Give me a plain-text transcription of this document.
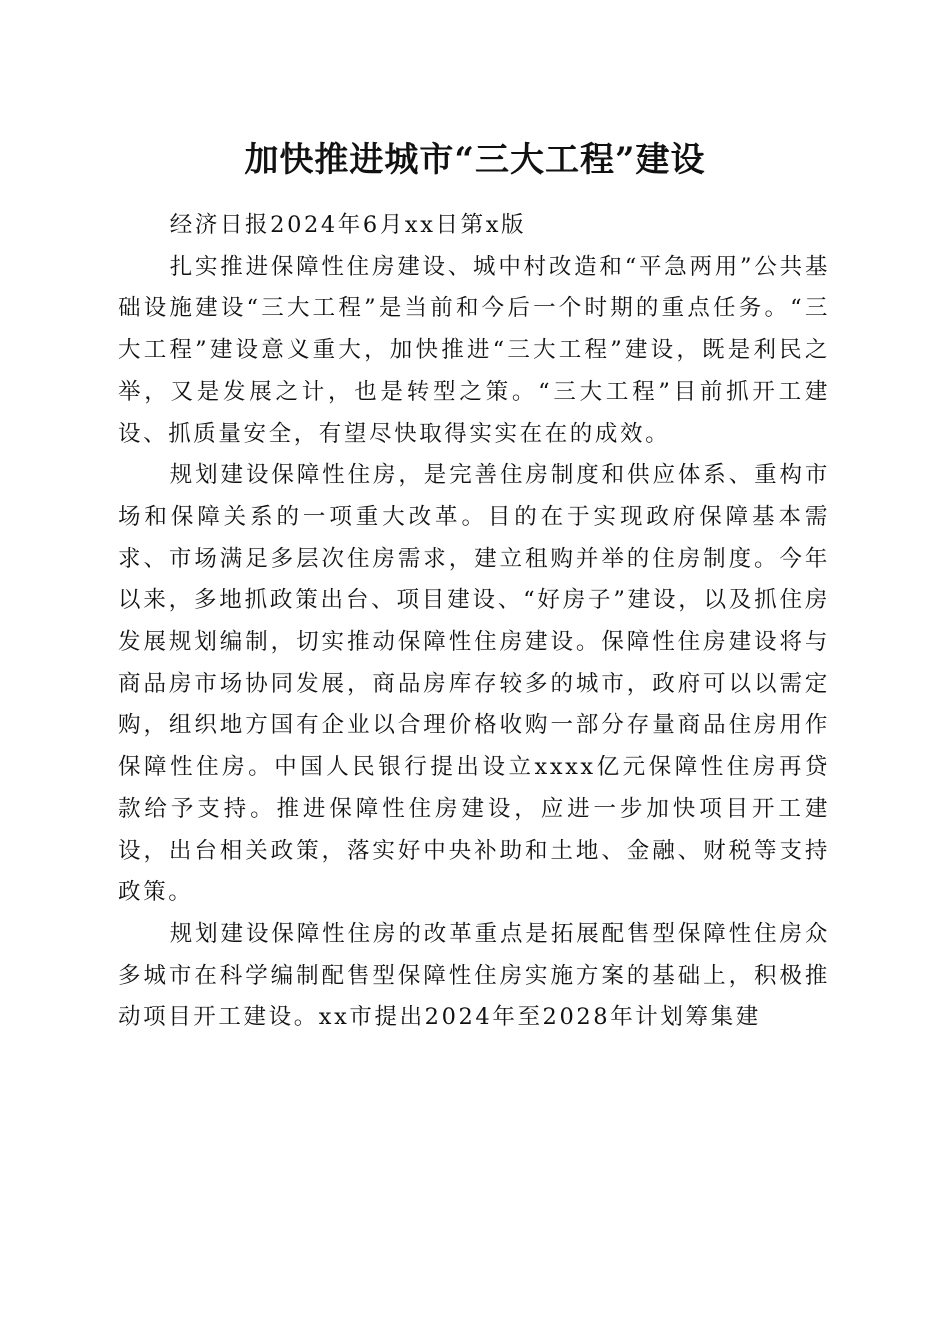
加快推进城市“三大工程”建设

经济日报2024年6月xx日第x版

扎实推进保障性住房建设、城中村改造和“平急两用”公共基础设施建设“三大工程”是当前和今后一个时期的重点任务。“三大工程”建设意义重大，加快推进“三大工程”建设，既是利民之举，又是发展之计，也是转型之策。“三大工程”目前抓开工建设、抓质量安全，有望尽快取得实实在在的成效。

规划建设保障性住房，是完善住房制度和供应体系、重构市场和保障关系的一项重大改革。目的在于实现政府保障基本需求、市场满足多层次住房需求，建立租购并举的住房制度。今年以来，多地抓政策出台、项目建设、“好房子”建设，以及抓住房发展规划编制，切实推动保障性住房建设。保障性住房建设将与商品房市场协同发展，商品房库存较多的城市，政府可以以需定购，组织地方国有企业以合理价格收购一部分存量商品住房用作保障性住房。中国人民银行提出设立xxxx亿元保障性住房再贷款给予支持。推进保障性住房建设，应进一步加快项目开工建设，出台相关政策，落实好中央补助和土地、金融、财税等支持政策。

规划建设保障性住房的改革重点是拓展配售型保障性住房众多城市在科学编制配售型保障性住房实施方案的基础上，积极推动项目开工建设。xx市提出2024年至2028年计划筹集建
